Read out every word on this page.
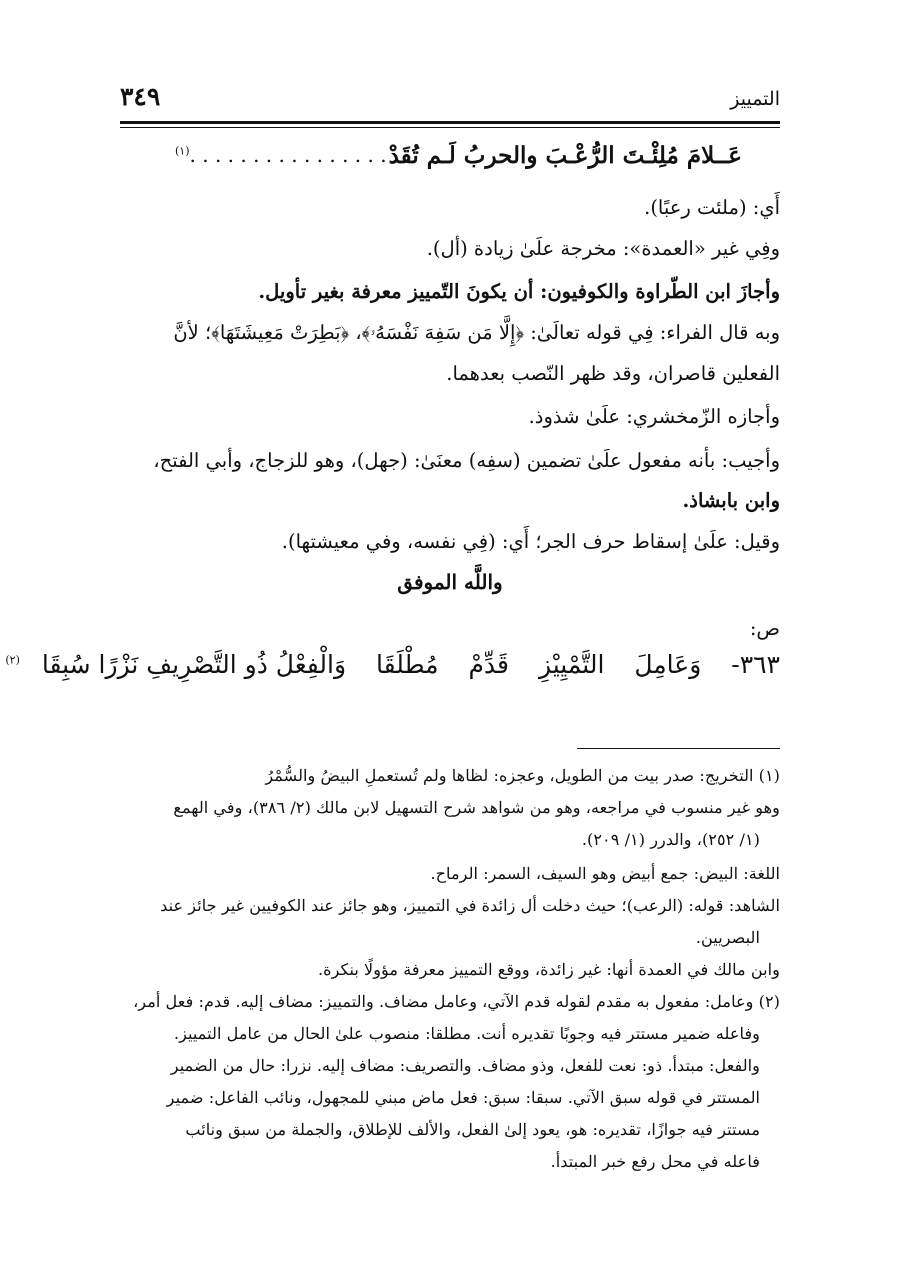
التمييز
٣٤٩
عَــلامَ مُلِئْـتَ الرُّعْـبَ والحربُ لَـم تُقَدْ
$^{(١)}$. . . . . . . . . . . . . . . . .
أَي: (ملئت رعبًا).
وفِي غير «العمدة»: مخرجة علَىٰ زيادة (أل).
وأجازَ ابن الطّراوة والكوفيون: أن يكونَ التّمييز معرفة بغير تأويل.
وبه قال الفراء: فِي قوله تعالَىٰ: ﴿إِلَّا مَن سَفِهَ نَفْسَهُۥ﴾، ﴿بَطِرَتْ مَعِيشَتَهَا﴾؛ لأنَّ
الفعلين قاصران، وقد ظهر النّصب بعدهما.
وأجازه الزّمخشري: علَىٰ شذوذ.
وأجيب: بأنه مفعول علَىٰ تضمين (سفِه) معنَىٰ: (جهل)، وهو للزجاج، وأبي الفتح،
وابن بابشاذ.
وقيل: علَىٰ إسقاط حرف الجر؛ أَي: (فِي نفسه، وفي معيشتها).
واللَّه الموفق
ص:
٣٦٣- وَعَامِلَ التَّمْيِيْزِ قَدِّمْ مُطْلَقَا وَالْفِعْلُ ذُو التَّصْرِيفِ نَزْرًا سُبِقَا$^{(٢)}$
(١) التخريج: صدر بيت من الطويل، وعجزه: لظاها ولم تُستعملِ البيضُ والسُّمْرُ
وهو غير منسوب في مراجعه، وهو من شواهد شرح التسهيل لابن مالك (٢/ ٣٨٦)، وفي الهمع
(١/ ٢٥٢)، والدرر (١/ ٢٠٩).
اللغة: البيض: جمع أبيض وهو السيف، السمر: الرماح.
الشاهد: قوله: (الرعب)؛ حيث دخلت أل زائدة في التمييز، وهو جائز عند الكوفيين غير جائز عند
البصريين.
وابن مالك في العمدة أنها: غير زائدة، ووقع التمييز معرفة مؤولًا بنكرة.
(٢) وعامل: مفعول به مقدم لقوله قدم الآتي، وعامل مضاف. والتمييز: مضاف إليه. قدم: فعل أمر،
وفاعله ضمير مستتر فيه وجوبًا تقديره أنت. مطلقا: منصوب علىٰ الحال من عامل التمييز.
والفعل: مبتدأ. ذو: نعت للفعل، وذو مضاف. والتصريف: مضاف إليه. نزرا: حال من الضمير
المستتر في قوله سبق الآتي. سبقا: سبق: فعل ماض مبني للمجهول، ونائب الفاعل: ضمير
مستتر فيه جوازًا، تقديره: هو، يعود إلىٰ الفعل، والألف للإطلاق، والجملة من سبق ونائب
فاعله في محل رفع خبر المبتدأ.
